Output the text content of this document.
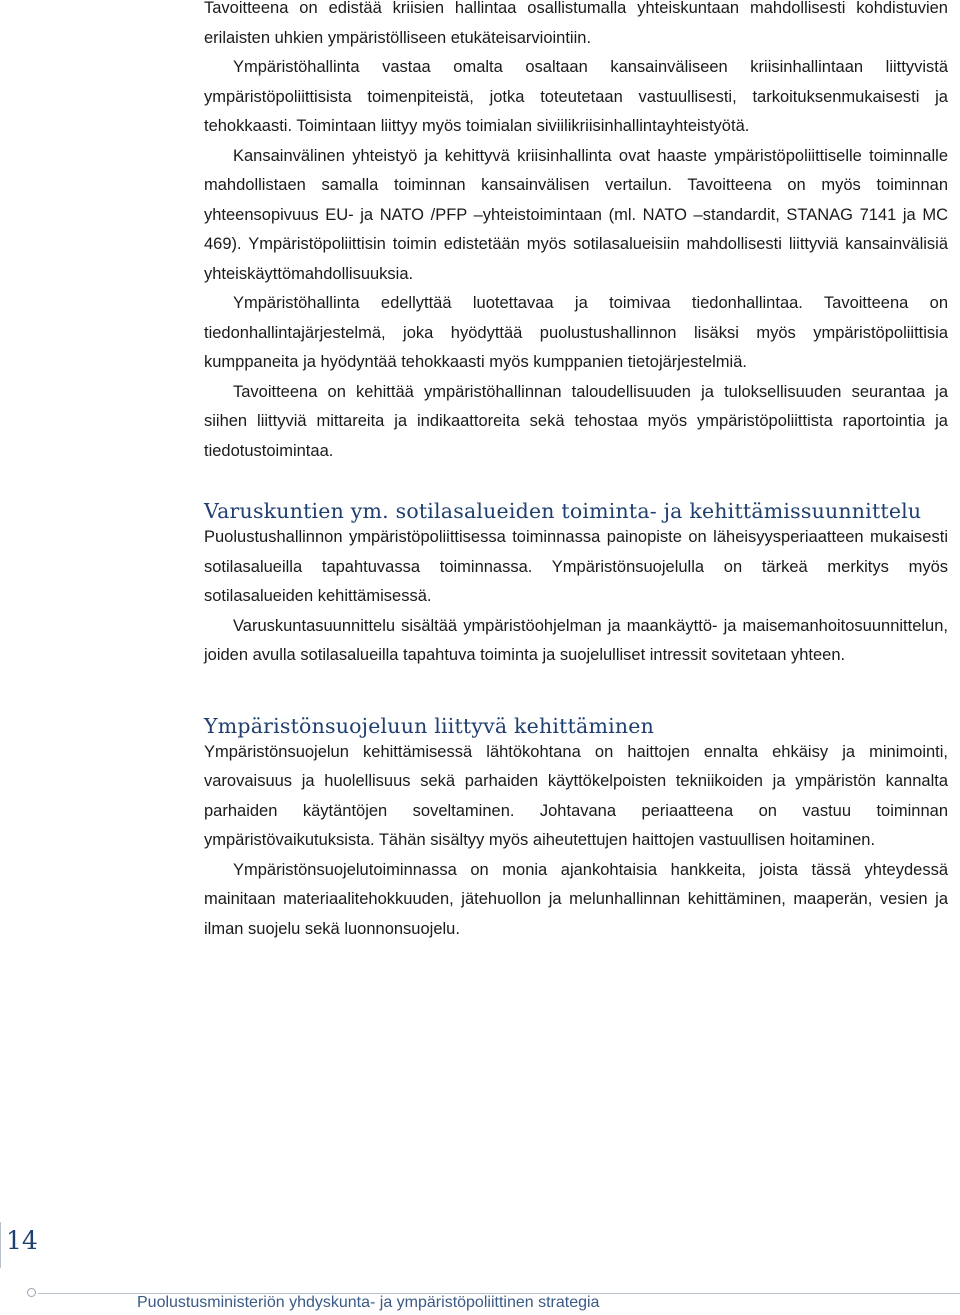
Tavoitteena on edistää kriisien hallintaa osallistumalla yhteiskuntaan mahdollisesti kohdistuvien erilaisten uhkien ympäristölliseen etukäteisarviointiin.

Ympäristöhallinta vastaa omalta osaltaan kansainväliseen kriisinhallintaan liittyvistä ympäristöpoliittisista toimenpiteistä, jotka toteutetaan vastuullisesti, tarkoituksenmukaisesti ja tehokkaasti. Toimintaan liittyy myös toimialan siviilikriisinhallintayhteistyötä.

Kansainvälinen yhteistyö ja kehittyvä kriisinhallinta ovat haaste ympäristöpoliittiselle toiminnalle mahdollistaen samalla toiminnan kansainvälisen vertailun. Tavoitteena on myös toiminnan yhteensopivuus EU- ja NATO /PFP –yhteistoimintaan (ml. NATO –standardit, STANAG 7141 ja MC 469). Ympäristöpoliittisin toimin edistetään myös sotilasalueisiin mahdollisesti liittyviä kansainvälisiä yhteiskäyttömahdollisuuksia.

Ympäristöhallinta edellyttää luotettavaa ja toimivaa tiedonhallintaa. Tavoitteena on tiedonhallintajärjestelmä, joka hyödyttää puolustushallinnon lisäksi myös ympäristöpoliittisia kumppaneita ja hyödyntää tehokkaasti myös kumppanien tietojärjestelmiä.

Tavoitteena on kehittää ympäristöhallinnan taloudellisuuden ja tuloksellisuuden seurantaa ja siihen liittyviä mittareita ja indikaattoreita sekä tehostaa myös ympäristöpoliittista raportointia ja tiedotustoimintaa.

Varuskuntien ym. sotilasalueiden toiminta- ja kehittämissuunnittelu

Puolustushallinnon ympäristöpoliittisessa toiminnassa painopiste on läheisyysperiaatteen mukaisesti sotilasalueilla tapahtuvassa toiminnassa. Ympäristönsuojelulla on tärkeä merkitys myös sotilasalueiden kehittämisessä.

Varuskuntasuunnittelu sisältää ympäristöohjelman ja maankäyttö- ja maisemanhoitosuunnittelun, joiden avulla sotilasalueilla tapahtuva toiminta ja suojelulliset intressit sovitetaan yhteen.

Ympäristönsuojeluun liittyvä kehittäminen

Ympäristönsuojelun kehittämisessä lähtökohtana on haittojen ennalta ehkäisy ja minimointi, varovaisuus ja huolellisuus sekä parhaiden käyttökelpoisten tekniikoiden ja ympäristön kannalta parhaiden käytäntöjen soveltaminen. Johtavana periaatteena on vastuu toiminnan ympäristövaikutuksista. Tähän sisältyy myös aiheutettujen haittojen vastuullisen hoitaminen.

Ympäristönsuojelutoiminnassa on monia ajankohtaisia hankkeita, joista tässä yhteydessä mainitaan materiaalitehokkuuden, jätehuollon ja melunhallinnan kehittäminen, maaperän, vesien ja ilman suojelu sekä luonnonsuojelu.

14
Puolustusministeriön yhdyskunta- ja ympäristöpoliittinen strategia
